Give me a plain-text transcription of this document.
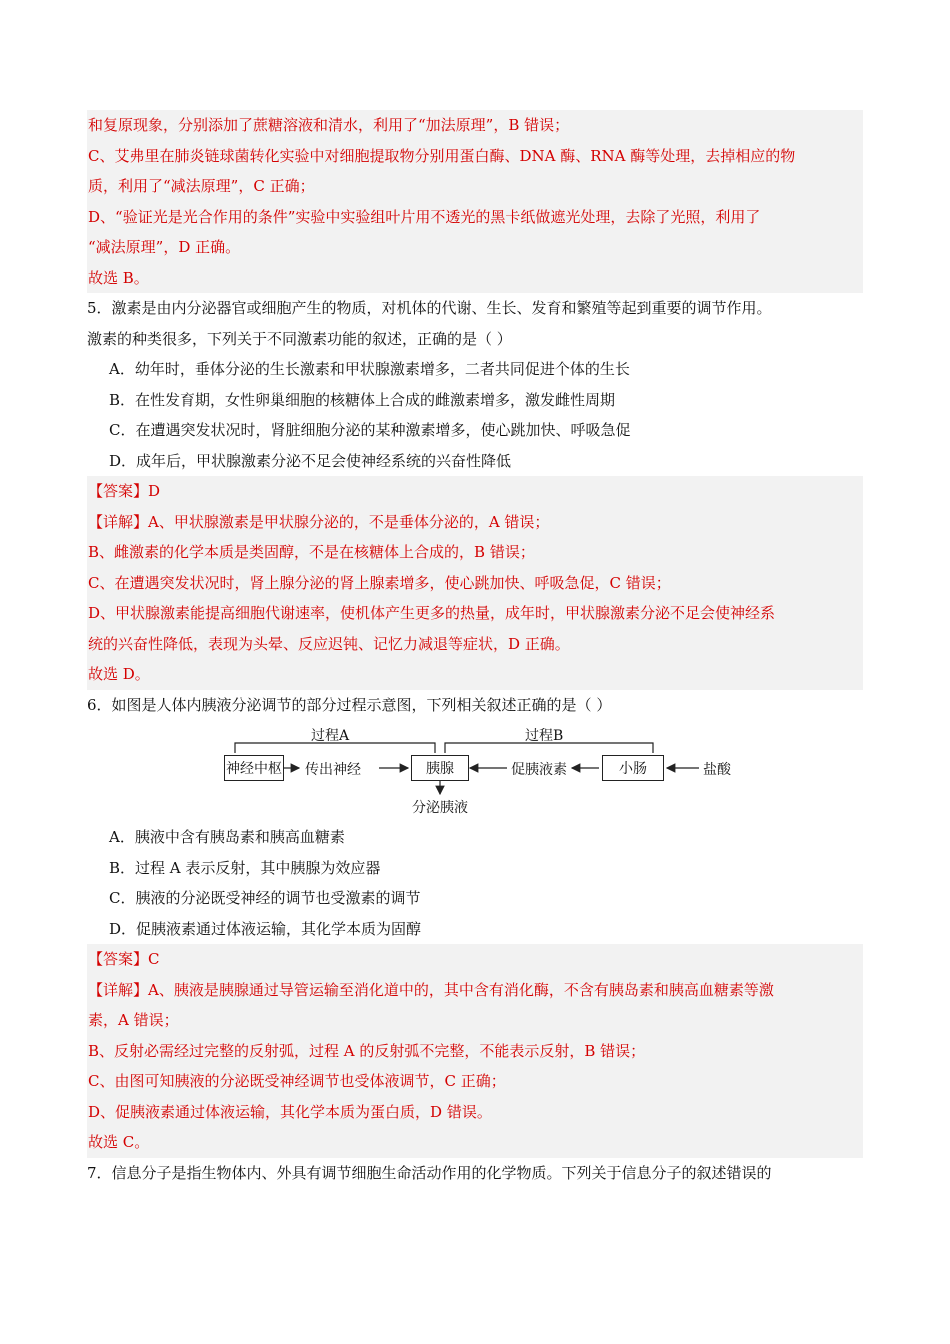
和复原现象，分别添加了蔗糖溶液和清水，利用了“加法原理”，B 错误；
C、艾弗里在肺炎链球菌转化实验中对细胞提取物分别用蛋白酶、DNA 酶、RNA 酶等处理，去掉相应的物
质，利用了“减法原理”，C 正确；
D、“验证光是光合作用的条件”实验中实验组叶片用不透光的黑卡纸做遮光处理，去除了光照，利用了
“减法原理”，D 正确。
故选 B。
5．激素是由内分泌器官或细胞产生的物质，对机体的代谢、生长、发育和繁殖等起到重要的调节作用。
激素的种类很多，下列关于不同激素功能的叙述，正确的是（ ）
A．幼年时，垂体分泌的生长激素和甲状腺激素增多，二者共同促进个体的生长
B．在性发育期，女性卵巢细胞的核糖体上合成的雌激素增多，激发雌性周期
C．在遭遇突发状况时，肾脏细胞分泌的某种激素增多，使心跳加快、呼吸急促
D．成年后，甲状腺激素分泌不足会使神经系统的兴奋性降低
【答案】D
【详解】A、甲状腺激素是甲状腺分泌的，不是垂体分泌的，A 错误；
B、雌激素的化学本质是类固醇，不是在核糖体上合成的，B 错误；
C、在遭遇突发状况时，肾上腺分泌的肾上腺素增多，使心跳加快、呼吸急促，C 错误；
D、甲状腺激素能提高细胞代谢速率，使机体产生更多的热量，成年时，甲状腺激素分泌不足会使神经系
统的兴奋性降低，表现为头晕、反应迟钝、记忆力减退等症状，D 正确。
故选 D。
6．如图是人体内胰液分泌调节的部分过程示意图，下列相关叙述正确的是（ ）
过程A	过程B
神经中枢 传出神经	胰腺	促胰液素	小肠	盐酸
分泌胰液
A．胰液中含有胰岛素和胰高血糖素
B．过程 A 表示反射，其中胰腺为效应器
C．胰液的分泌既受神经的调节也受激素的调节
D．促胰液素通过体液运输，其化学本质为固醇
【答案】C
【详解】A、胰液是胰腺通过导管运输至消化道中的，其中含有消化酶，不含有胰岛素和胰高血糖素等激
素，A 错误；
B、反射必需经过完整的反射弧，过程 A 的反射弧不完整，不能表示反射，B 错误；
C、由图可知胰液的分泌既受神经调节也受体液调节，C 正确；
D、促胰液素通过体液运输，其化学本质为蛋白质，D 错误。
故选 C。
7．信息分子是指生物体内、外具有调节细胞生命活动作用的化学物质。下列关于信息分子的叙述错误的
